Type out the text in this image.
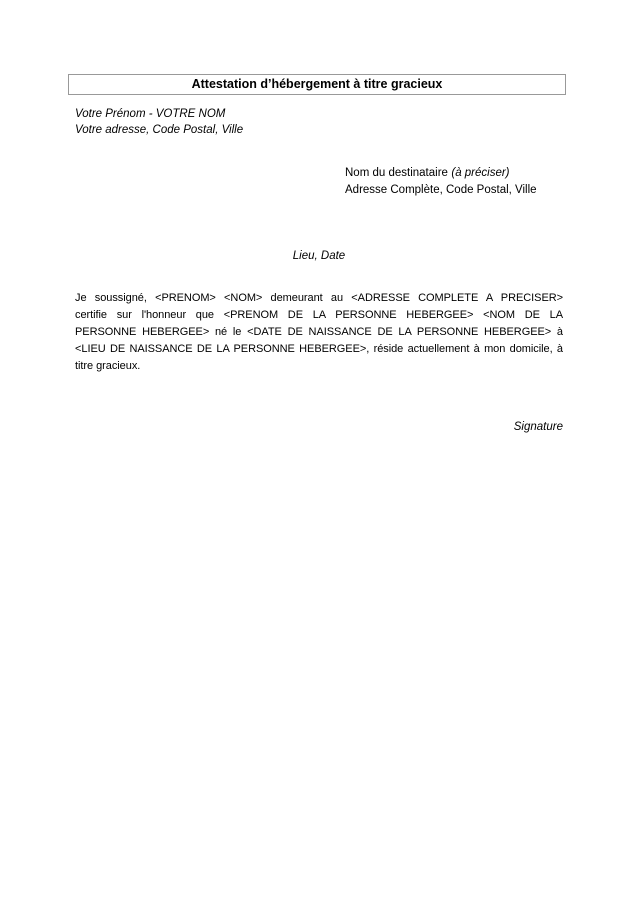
Attestation d’hébergement à titre gracieux
Votre Prénom - VOTRE NOM
Votre adresse, Code Postal, Ville
Nom du destinataire (à préciser)
Adresse Complète, Code Postal, Ville
Lieu, Date
Je soussigné, <PRENOM> <NOM> demeurant au <ADRESSE COMPLETE A PRECISER>
certifie sur l'honneur que <PRENOM DE LA PERSONNE HEBERGEE> <NOM DE LA
PERSONNE HEBERGEE> né le <DATE DE NAISSANCE DE LA PERSONNE HEBERGEE> à
<LIEU DE NAISSANCE DE LA PERSONNE HEBERGEE>, réside actuellement à mon domicile, à
titre gracieux.
Signature
